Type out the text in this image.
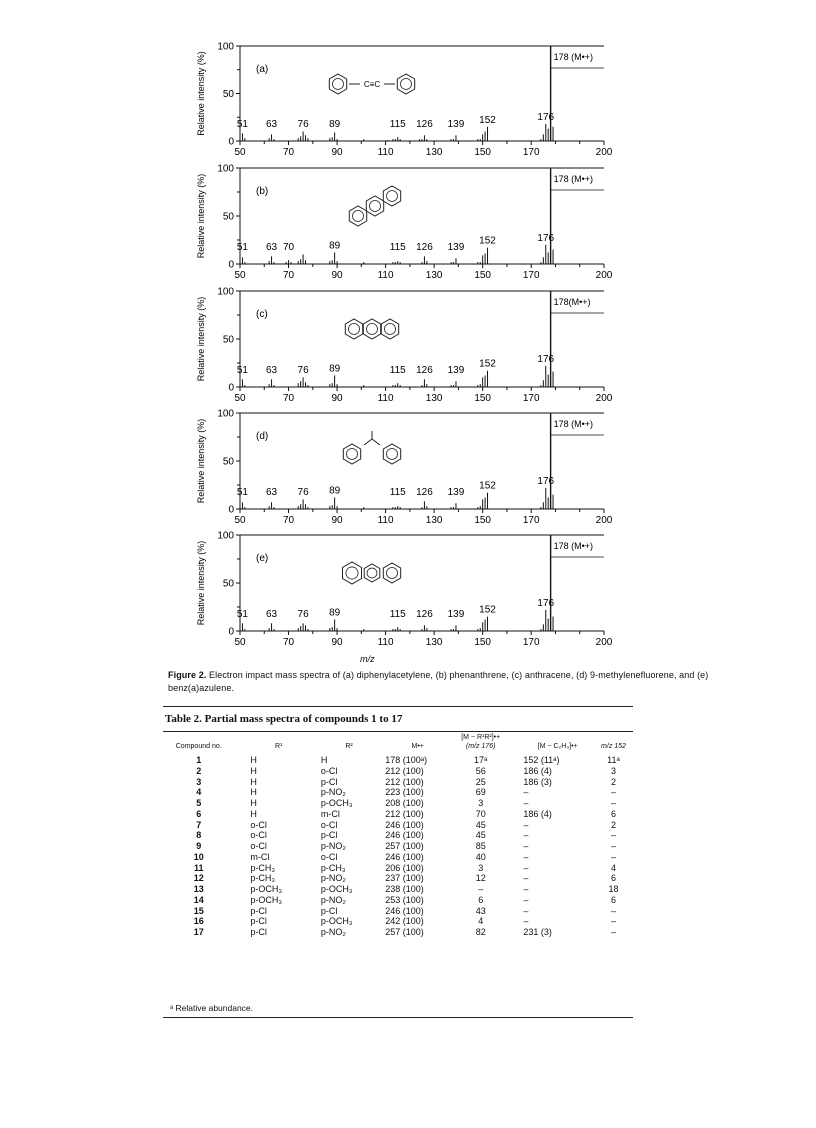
0
50
100
50	70	90	110	130	150	170	200
178 (M•+)
51 63 76 89	115 126 139 152	176
(a)
Relative intensity (%)	C≡C
0
50
100
50	70	90	110	130	150	170	200
178 (M•+)
51 63 70	89	115 126 139
152	176
(b)
Relative intensity (%)
0
50
100
50	70	90	110	130	150	170	200
178(M•+)
51 63 76 89	115 126 139
152	176
(c)
Relative intensity (%)
0
50
100
50	70	90	110	130	150	170	200
178 (M•+)
51 63 76 89	115 126 139
152	176
(d)
Relative intensity (%)
0
50
100
50	70	90	110	130	150	170	200
178 (M•+)
51 63 76 89	115 126 139 152
176
(e)
Relative intensity (%)
m/z
Figure 2. Electron impact mass spectra of (a) diphenylacetylene, (b) phenanthrene, (c) anthracene, (d) 9-methylenefluorene, and (e) benz(a)azulene.
Table 2. Partial mass spectra of compounds 1 to 17
Compound no.	R¹	R²	M•+	[M − R¹R²]•+
(m/z 176)	[M − C₂H₃]•+	m/z 152
1	H	H	178 (100ᵃ)	17ᵃ	152 (11ᵃ)	11ᵃ
2	H	o-Cl	212 (100)	56	186 (4)	3
3	H	p-Cl	212 (100)	25	186 (3)	2
4	H	p-NO₂	223 (100)	69	–	–
5	H	p-OCH₃	208 (100)	3	–	–
6	H	m-Cl	212 (100)	70	186 (4)	6
7	o-Cl	o-Cl	246 (100)	45	–	2
8	o-Cl	p-Cl	246 (100)	45	–	–
9	o-Cl	p-NO₂	257 (100)	85	–	–
10	m-Cl	o-Cl	246 (100)	40	–	–
11	p-CH₃	p-CH₃	206 (100)	3	–	4
12	p-CH₃	p-NO₂	237 (100)	12	–	6
13	p-OCH₃	p-OCH₃	238 (100)	–	–	18
14	p-OCH₃	p-NO₂	253 (100)	6	–	6
15	p-Cl	p-Cl	246 (100)	43	–	–
16	p-Cl	p-OCH₃	242 (100)	4	–	–
17	p-Cl	p-NO₂	257 (100)	82	231 (3)	–
ᵃ Relative abundance.
